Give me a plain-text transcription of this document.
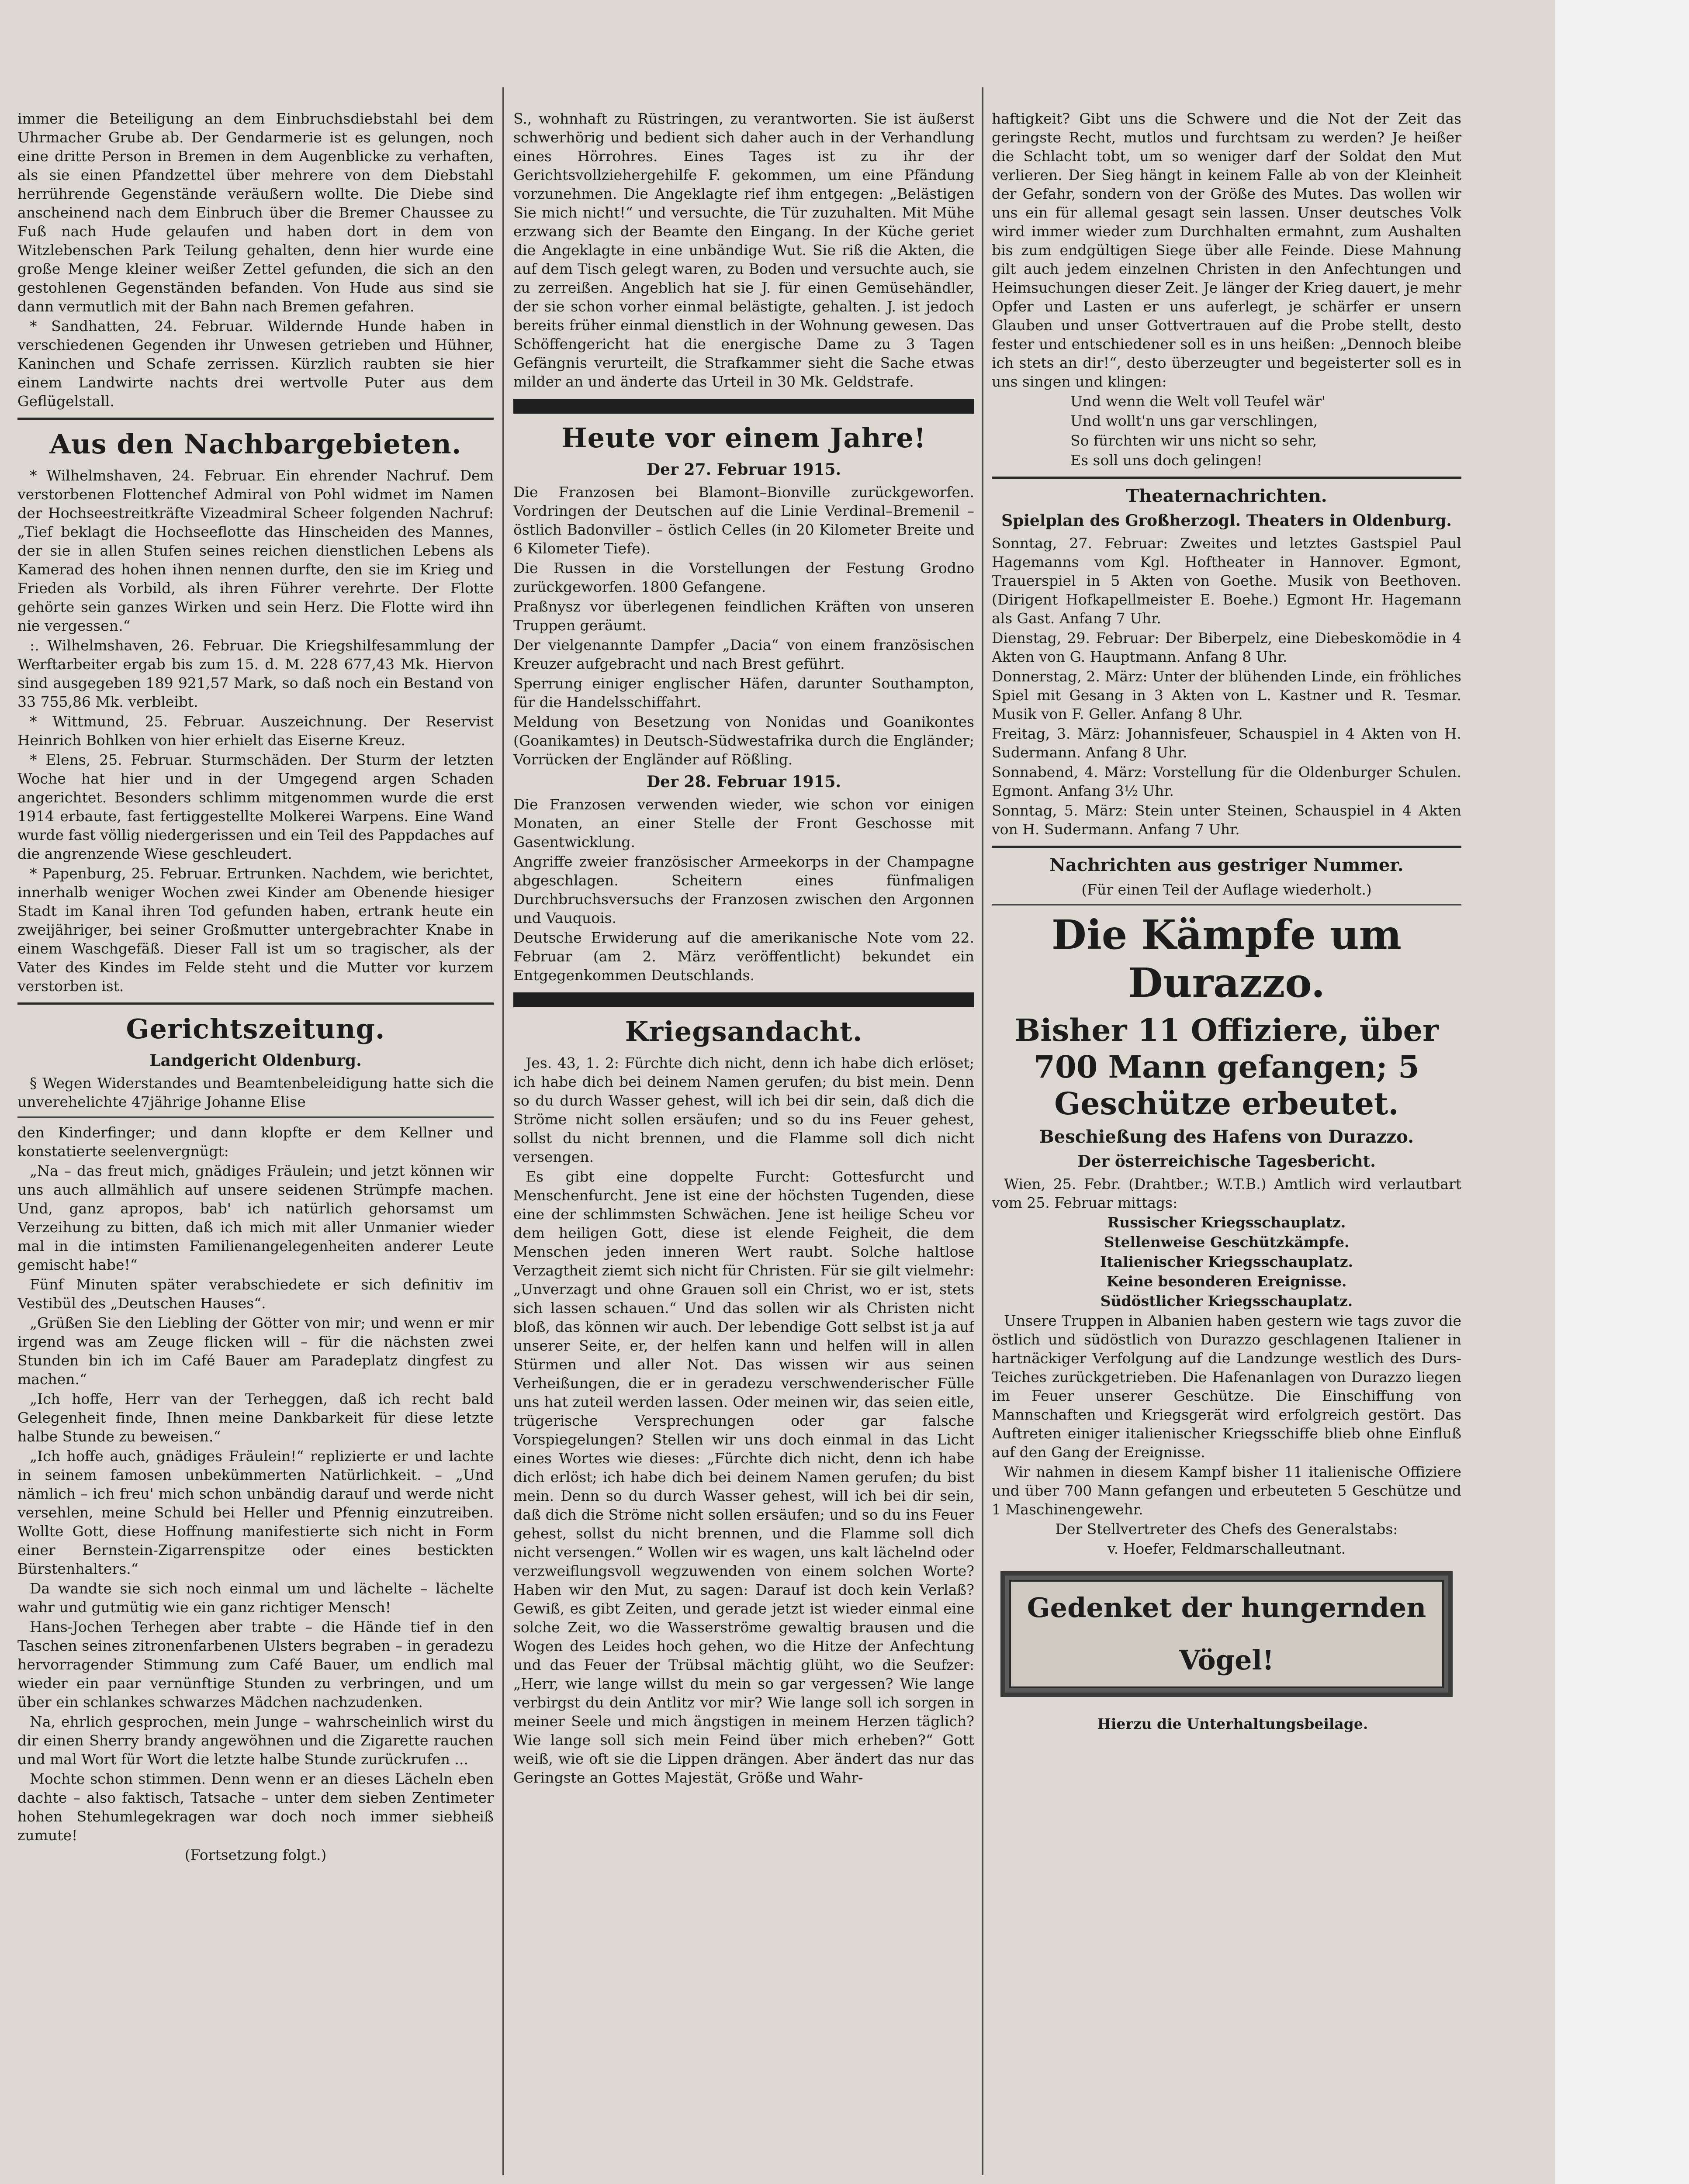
immer die Beteiligung an dem Einbruchsdiebstahl bei dem Uhrmacher Grube ab. Der Gendarmerie ist es gelungen, noch eine dritte Person in Bremen in dem Augenblicke zu verhaften, als sie einen Pfandzettel über mehrere von dem Diebstahl herrührende Gegenstände veräußern wollte. Die Diebe sind anscheinend nach dem Einbruch über die Bremer Chaussee zu Fuß nach Hude gelaufen und haben dort in dem von Witzlebenschen Park Teilung gehalten, denn hier wurde eine große Menge kleiner weißer Zettel gefunden, die sich an den gestohlenen Gegenständen befanden. Von Hude aus sind sie dann vermutlich mit der Bahn nach Bremen gefahren.

* Sandhatten, 24. Februar. Wildernde Hunde haben in verschiedenen Gegenden ihr Unwesen getrieben und Hühner, Kaninchen und Schafe zerrissen. Kürzlich raubten sie hier einem Landwirte nachts drei wertvolle Puter aus dem Geflügelstall.

Aus den Nachbargebieten.

* Wilhelmshaven, 24. Februar. Ein ehrender Nachruf. Dem verstorbenen Flottenchef Admiral von Pohl widmet im Namen der Hochseestreitkräfte Vizeadmiral Scheer folgenden Nachruf: „Tief beklagt die Hochseeflotte das Hinscheiden des Mannes, der sie in allen Stufen seines reichen dienstlichen Lebens als Kamerad des hohen ihnen nennen durfte, den sie im Krieg und Frieden als Vorbild, als ihren Führer verehrte. Der Flotte gehörte sein ganzes Wirken und sein Herz. Die Flotte wird ihn nie vergessen.“

:. Wilhelmshaven, 26. Februar. Die Kriegshilfesammlung der Werftarbeiter ergab bis zum 15. d. M. 228 677,43 Mk. Hiervon sind ausgegeben 189 921,57 Mark, so daß noch ein Bestand von 33 755,86 Mk. verbleibt.

* Wittmund, 25. Februar. Auszeichnung. Der Reservist Heinrich Bohlken von hier erhielt das Eiserne Kreuz.

* Elens, 25. Februar. Sturmschäden. Der Sturm der letzten Woche hat hier und in der Umgegend argen Schaden angerichtet. Besonders schlimm mitgenommen wurde die erst 1914 erbaute, fast fertiggestellte Molkerei Warpens. Eine Wand wurde fast völlig niedergerissen und ein Teil des Pappdaches auf die angrenzende Wiese geschleudert.

* Papenburg, 25. Februar. Ertrunken. Nachdem, wie berichtet, innerhalb weniger Wochen zwei Kinder am Obenende hiesiger Stadt im Kanal ihren Tod gefunden haben, ertrank heute ein zweijähriger, bei seiner Großmutter untergebrachter Knabe in einem Waschgefäß. Dieser Fall ist um so tragischer, als der Vater des Kindes im Felde steht und die Mutter vor kurzem verstorben ist.

Gerichtszeitung.
Landgericht Oldenburg.

§ Wegen Widerstandes und Beamtenbeleidigung hatte sich die unverehelichte 47jährige Johanne Elise

den Kinderfinger; und dann klopfte er dem Kellner und konstatierte seelenvergnügt:

„Na – das freut mich, gnädiges Fräulein; und jetzt können wir uns auch allmählich auf unsere seidenen Strümpfe machen. Und, ganz apropos, bab' ich natürlich gehorsamst um Verzeihung zu bitten, daß ich mich mit aller Unmanier wieder mal in die intimsten Familienangelegenheiten anderer Leute gemischt habe!“

Fünf Minuten später verabschiedete er sich definitiv im Vestibül des „Deutschen Hauses“.

„Grüßen Sie den Liebling der Götter von mir; und wenn er mir irgend was am Zeuge flicken will – für die nächsten zwei Stunden bin ich im Café Bauer am Paradeplatz dingfest zu machen.“

„Ich hoffe, Herr van der Terheggen, daß ich recht bald Gelegenheit finde, Ihnen meine Dankbarkeit für diese letzte halbe Stunde zu beweisen.“

„Ich hoffe auch, gnädiges Fräulein!“ replizierte er und lachte in seinem famosen unbekümmerten Natürlichkeit. – „Und nämlich – ich freu' mich schon unbändig darauf und werde nicht versehlen, meine Schuld bei Heller und Pfennig einzutreiben. Wollte Gott, diese Hoffnung manifestierte sich nicht in Form einer Bernstein-Zigarrenspitze oder eines bestickten Bürstenhalters.“

Da wandte sie sich noch einmal um und lächelte – lächelte wahr und gutmütig wie ein ganz richtiger Mensch!

Hans-Jochen Terhegen aber trabte – die Hände tief in den Taschen seines zitronenfarbenen Ulsters begraben – in geradezu hervorragender Stimmung zum Café Bauer, um endlich mal wieder ein paar vernünftige Stunden zu verbringen, und um über ein schlankes schwarzes Mädchen nachzudenken.

Na, ehrlich gesprochen, mein Junge – wahrscheinlich wirst du dir einen Sherry brandy angewöhnen und die Zigarette rauchen und mal Wort für Wort die letzte halbe Stunde zurückrufen ...

Mochte schon stimmen. Denn wenn er an dieses Lächeln eben dachte – also faktisch, Tatsache – unter dem sieben Zentimeter hohen Stehumlegekragen war doch noch immer siebheiß zumute!

(Fortsetzung folgt.)

S., wohnhaft zu Rüstringen, zu verantworten. Sie ist äußerst schwerhörig und bedient sich daher auch in der Verhandlung eines Hörrohres. Eines Tages ist zu ihr der Gerichtsvollziehergehilfe F. gekommen, um eine Pfändung vorzunehmen. Die Angeklagte rief ihm entgegen: „Belästigen Sie mich nicht!“ und versuchte, die Tür zuzuhalten. Mit Mühe erzwang sich der Beamte den Eingang. In der Küche geriet die Angeklagte in eine unbändige Wut. Sie riß die Akten, die auf dem Tisch gelegt waren, zu Boden und versuchte auch, sie zu zerreißen. Angeblich hat sie J. für einen Gemüsehändler, der sie schon vorher einmal belästigte, gehalten. J. ist jedoch bereits früher einmal dienstlich in der Wohnung gewesen. Das Schöffengericht hat die energische Dame zu 3 Tagen Gefängnis verurteilt, die Strafkammer sieht die Sache etwas milder an und änderte das Urteil in 30 Mk. Geldstrafe.

Heute vor einem Jahre!
Der 27. Februar 1915.

Die Franzosen bei Blamont–Bionville zurückgeworfen. Vordringen der Deutschen auf die Linie Verdinal–Bremenil – östlich Badonviller – östlich Celles (in 20 Kilometer Breite und 6 Kilometer Tiefe).

Die Russen in die Vorstellungen der Festung Grodno zurückgeworfen. 1800 Gefangene.

Praßnysz vor überlegenen feindlichen Kräften von unseren Truppen geräumt.

Der vielgenannte Dampfer „Dacia“ von einem französischen Kreuzer aufgebracht und nach Brest geführt.

Sperrung einiger englischer Häfen, darunter Southampton, für die Handelsschiffahrt.

Meldung von Besetzung von Nonidas und Goanikontes (Goanikamtes) in Deutsch-Südwestafrika durch die Engländer; Vorrücken der Engländer auf Rößling.

Der 28. Februar 1915.

Die Franzosen verwenden wieder, wie schon vor einigen Monaten, an einer Stelle der Front Geschosse mit Gasentwicklung.

Angriffe zweier französischer Armeekorps in der Champagne abgeschlagen. Scheitern eines fünfmaligen Durchbruchsversuchs der Franzosen zwischen den Argonnen und Vauquois.

Deutsche Erwiderung auf die amerikanische Note vom 22. Februar (am 2. März veröffentlicht) bekundet ein Entgegenkommen Deutschlands.

Kriegsandacht.

Jes. 43, 1. 2: Fürchte dich nicht, denn ich habe dich erlöset; ich habe dich bei deinem Namen gerufen; du bist mein. Denn so du durch Wasser gehest, will ich bei dir sein, daß dich die Ströme nicht sollen ersäufen; und so du ins Feuer gehest, sollst du nicht brennen, und die Flamme soll dich nicht versengen.

Es gibt eine doppelte Furcht: Gottesfurcht und Menschenfurcht. Jene ist eine der höchsten Tugenden, diese eine der schlimmsten Schwächen. Jene ist heilige Scheu vor dem heiligen Gott, diese ist elende Feigheit, die dem Menschen jeden inneren Wert raubt. Solche haltlose Verzagtheit ziemt sich nicht für Christen. Für sie gilt vielmehr: „Unverzagt und ohne Grauen soll ein Christ, wo er ist, stets sich lassen schauen.“ Und das sollen wir als Christen nicht bloß, das können wir auch. Der lebendige Gott selbst ist ja auf unserer Seite, er, der helfen kann und helfen will in allen Stürmen und aller Not. Das wissen wir aus seinen Verheißungen, die er in geradezu verschwenderischer Fülle uns hat zuteil werden lassen. Oder meinen wir, das seien eitle, trügerische Versprechungen oder gar falsche Vorspiegelungen? Stellen wir uns doch einmal in das Licht eines Wortes wie dieses: „Fürchte dich nicht, denn ich habe dich erlöst; ich habe dich bei deinem Namen gerufen; du bist mein. Denn so du durch Wasser gehest, will ich bei dir sein, daß dich die Ströme nicht sollen ersäufen; und so du ins Feuer gehest, sollst du nicht brennen, und die Flamme soll dich nicht versengen.“ Wollen wir es wagen, uns kalt lächelnd oder verzweiflungsvoll wegzuwenden von einem solchen Worte? Haben wir den Mut, zu sagen: Darauf ist doch kein Verlaß? Gewiß, es gibt Zeiten, und gerade jetzt ist wieder einmal eine solche Zeit, wo die Wasserströme gewaltig brausen und die Wogen des Leides hoch gehen, wo die Hitze der Anfechtung und das Feuer der Trübsal mächtig glüht, wo die Seufzer: „Herr, wie lange willst du mein so gar vergessen? Wie lange verbirgst du dein Antlitz vor mir? Wie lange soll ich sorgen in meiner Seele und mich ängstigen in meinem Herzen täglich? Wie lange soll sich mein Feind über mich erheben?“ Gott weiß, wie oft sie die Lippen drängen. Aber ändert das nur das Geringste an Gottes Majestät, Größe und Wahr-

haftigkeit? Gibt uns die Schwere und die Not der Zeit das geringste Recht, mutlos und furchtsam zu werden? Je heißer die Schlacht tobt, um so weniger darf der Soldat den Mut verlieren. Der Sieg hängt in keinem Falle ab von der Kleinheit der Gefahr, sondern von der Größe des Mutes. Das wollen wir uns ein für allemal gesagt sein lassen. Unser deutsches Volk wird immer wieder zum Durchhalten ermahnt, zum Aushalten bis zum endgültigen Siege über alle Feinde. Diese Mahnung gilt auch jedem einzelnen Christen in den Anfechtungen und Heimsuchungen dieser Zeit. Je länger der Krieg dauert, je mehr Opfer und Lasten er uns auferlegt, je schärfer er unsern Glauben und unser Gottvertrauen auf die Probe stellt, desto fester und entschiedener soll es in uns heißen: „Dennoch bleibe ich stets an dir!“, desto überzeugter und begeisterter soll es in uns singen und klingen:

Und wenn die Welt voll Teufel wär'

Und wollt'n uns gar verschlingen,

So fürchten wir uns nicht so sehr,

Es soll uns doch gelingen!

Theaternachrichten.
Spielplan des Großherzogl. Theaters in Oldenburg.

Sonntag, 27. Februar: Zweites und letztes Gastspiel Paul Hagemanns vom Kgl. Hoftheater in Hannover. Egmont, Trauerspiel in 5 Akten von Goethe. Musik von Beethoven. (Dirigent Hofkapellmeister E. Boehe.) Egmont Hr. Hagemann als Gast. Anfang 7 Uhr.

Dienstag, 29. Februar: Der Biberpelz, eine Diebeskomödie in 4 Akten von G. Hauptmann. Anfang 8 Uhr.

Donnerstag, 2. März: Unter der blühenden Linde, ein fröhliches Spiel mit Gesang in 3 Akten von L. Kastner und R. Tesmar. Musik von F. Geller. Anfang 8 Uhr.

Freitag, 3. März: Johannisfeuer, Schauspiel in 4 Akten von H. Sudermann. Anfang 8 Uhr.

Sonnabend, 4. März: Vorstellung für die Oldenburger Schulen. Egmont. Anfang 3½ Uhr.

Sonntag, 5. März: Stein unter Steinen, Schauspiel in 4 Akten von H. Sudermann. Anfang 7 Uhr.

Nachrichten aus gestriger Nummer.

(Für einen Teil der Auflage wiederholt.)

Die Kämpfe um Durazzo.
Bisher 11 Offiziere, über 700 Mann gefangen; 5 Geschütze erbeutet.
Beschießung des Hafens von Durazzo.
Der österreichische Tagesbericht.

Wien, 25. Febr. (Drahtber.; W.T.B.) Amtlich wird verlautbart vom 25. Februar mittags:

Russischer Kriegsschauplatz.

Stellenweise Geschützkämpfe.

Italienischer Kriegsschauplatz.

Keine besonderen Ereignisse.

Südöstlicher Kriegsschauplatz.

Unsere Truppen in Albanien haben gestern wie tags zuvor die östlich und südöstlich von Durazzo geschlagenen Italiener in hartnäckiger Verfolgung auf die Landzunge westlich des Durs-Teiches zurückgetrieben. Die Hafenanlagen von Durazzo liegen im Feuer unserer Geschütze. Die Einschiffung von Mannschaften und Kriegsgerät wird erfolgreich gestört. Das Auftreten einiger italienischer Kriegsschiffe blieb ohne Einfluß auf den Gang der Ereignisse.

Wir nahmen in diesem Kampf bisher 11 italienische Offiziere und über 700 Mann gefangen und erbeuteten 5 Geschütze und 1 Maschinengewehr.

Der Stellvertreter des Chefs des Generalstabs:

v. Hoefer, Feldmarschalleutnant.

Gedenket der hungernden Vögel!

Hierzu die Unterhaltungsbeilage.
